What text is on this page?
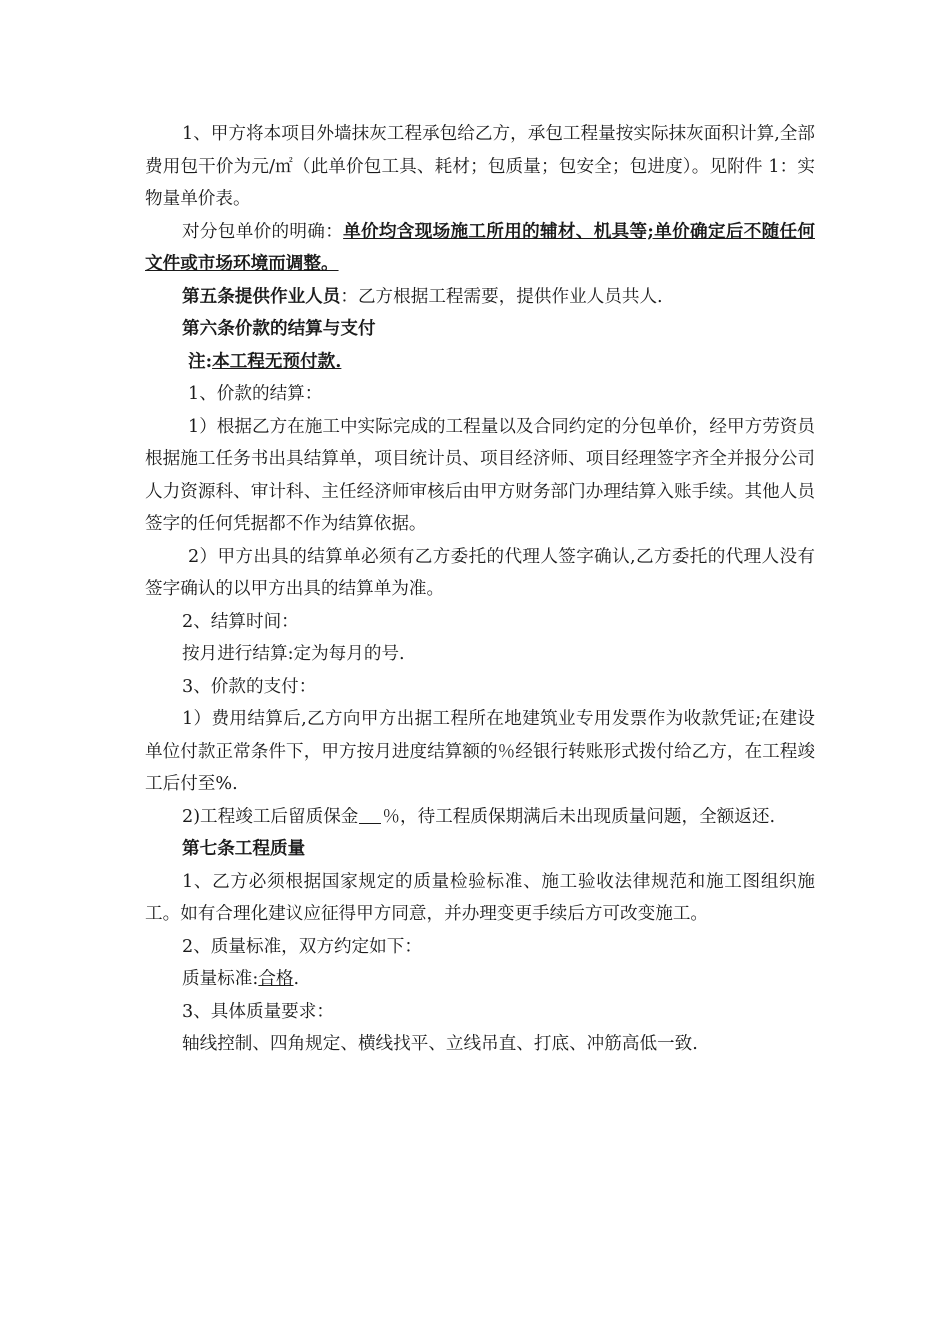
1、甲方将本项目外墙抹灰工程承包给乙方，承包工程量按实际抹灰面积计算,全部费用包干价为元/㎡（此单价包工具、耗材；包质量；包安全；包进度）。见附件 1：实物量单价表。

对分包单价的明确：单价均含现场施工所用的辅材、机具等;单价确定后不随任何文件或市场环境而调整。

第五条提供作业人员：乙方根据工程需要，提供作业人员共人.

第六条价款的结算与支付

注:本工程无预付款.

1、价款的结算：

1）根据乙方在施工中实际完成的工程量以及合同约定的分包单价，经甲方劳资员根据施工任务书出具结算单，项目统计员、项目经济师、项目经理签字齐全并报分公司人力资源科、审计科、主任经济师审核后由甲方财务部门办理结算入账手续。其他人员签字的任何凭据都不作为结算依据。

2）甲方出具的结算单必须有乙方委托的代理人签字确认,乙方委托的代理人没有签字确认的以甲方出具的结算单为准。

2、结算时间：

按月进行结算:定为每月的号.

3、价款的支付：

1）费用结算后,乙方向甲方出据工程所在地建筑业专用发票作为收款凭证;在建设单位付款正常条件下，甲方按月进度结算额的％经银行转账形式拨付给乙方，在工程竣工后付至%.

2)工程竣工后留质保金 ％，待工程质保期满后未出现质量问题，全额返还.

第七条工程质量

1、乙方必须根据国家规定的质量检验标准、施工验收法律规范和施工图组织施工。如有合理化建议应征得甲方同意，并办理变更手续后方可改变施工。

2、质量标准，双方约定如下：

质量标准:合格.

3、具体质量要求：

轴线控制、四角规定、横线找平、立线吊直、打底、冲筋高低一致.
